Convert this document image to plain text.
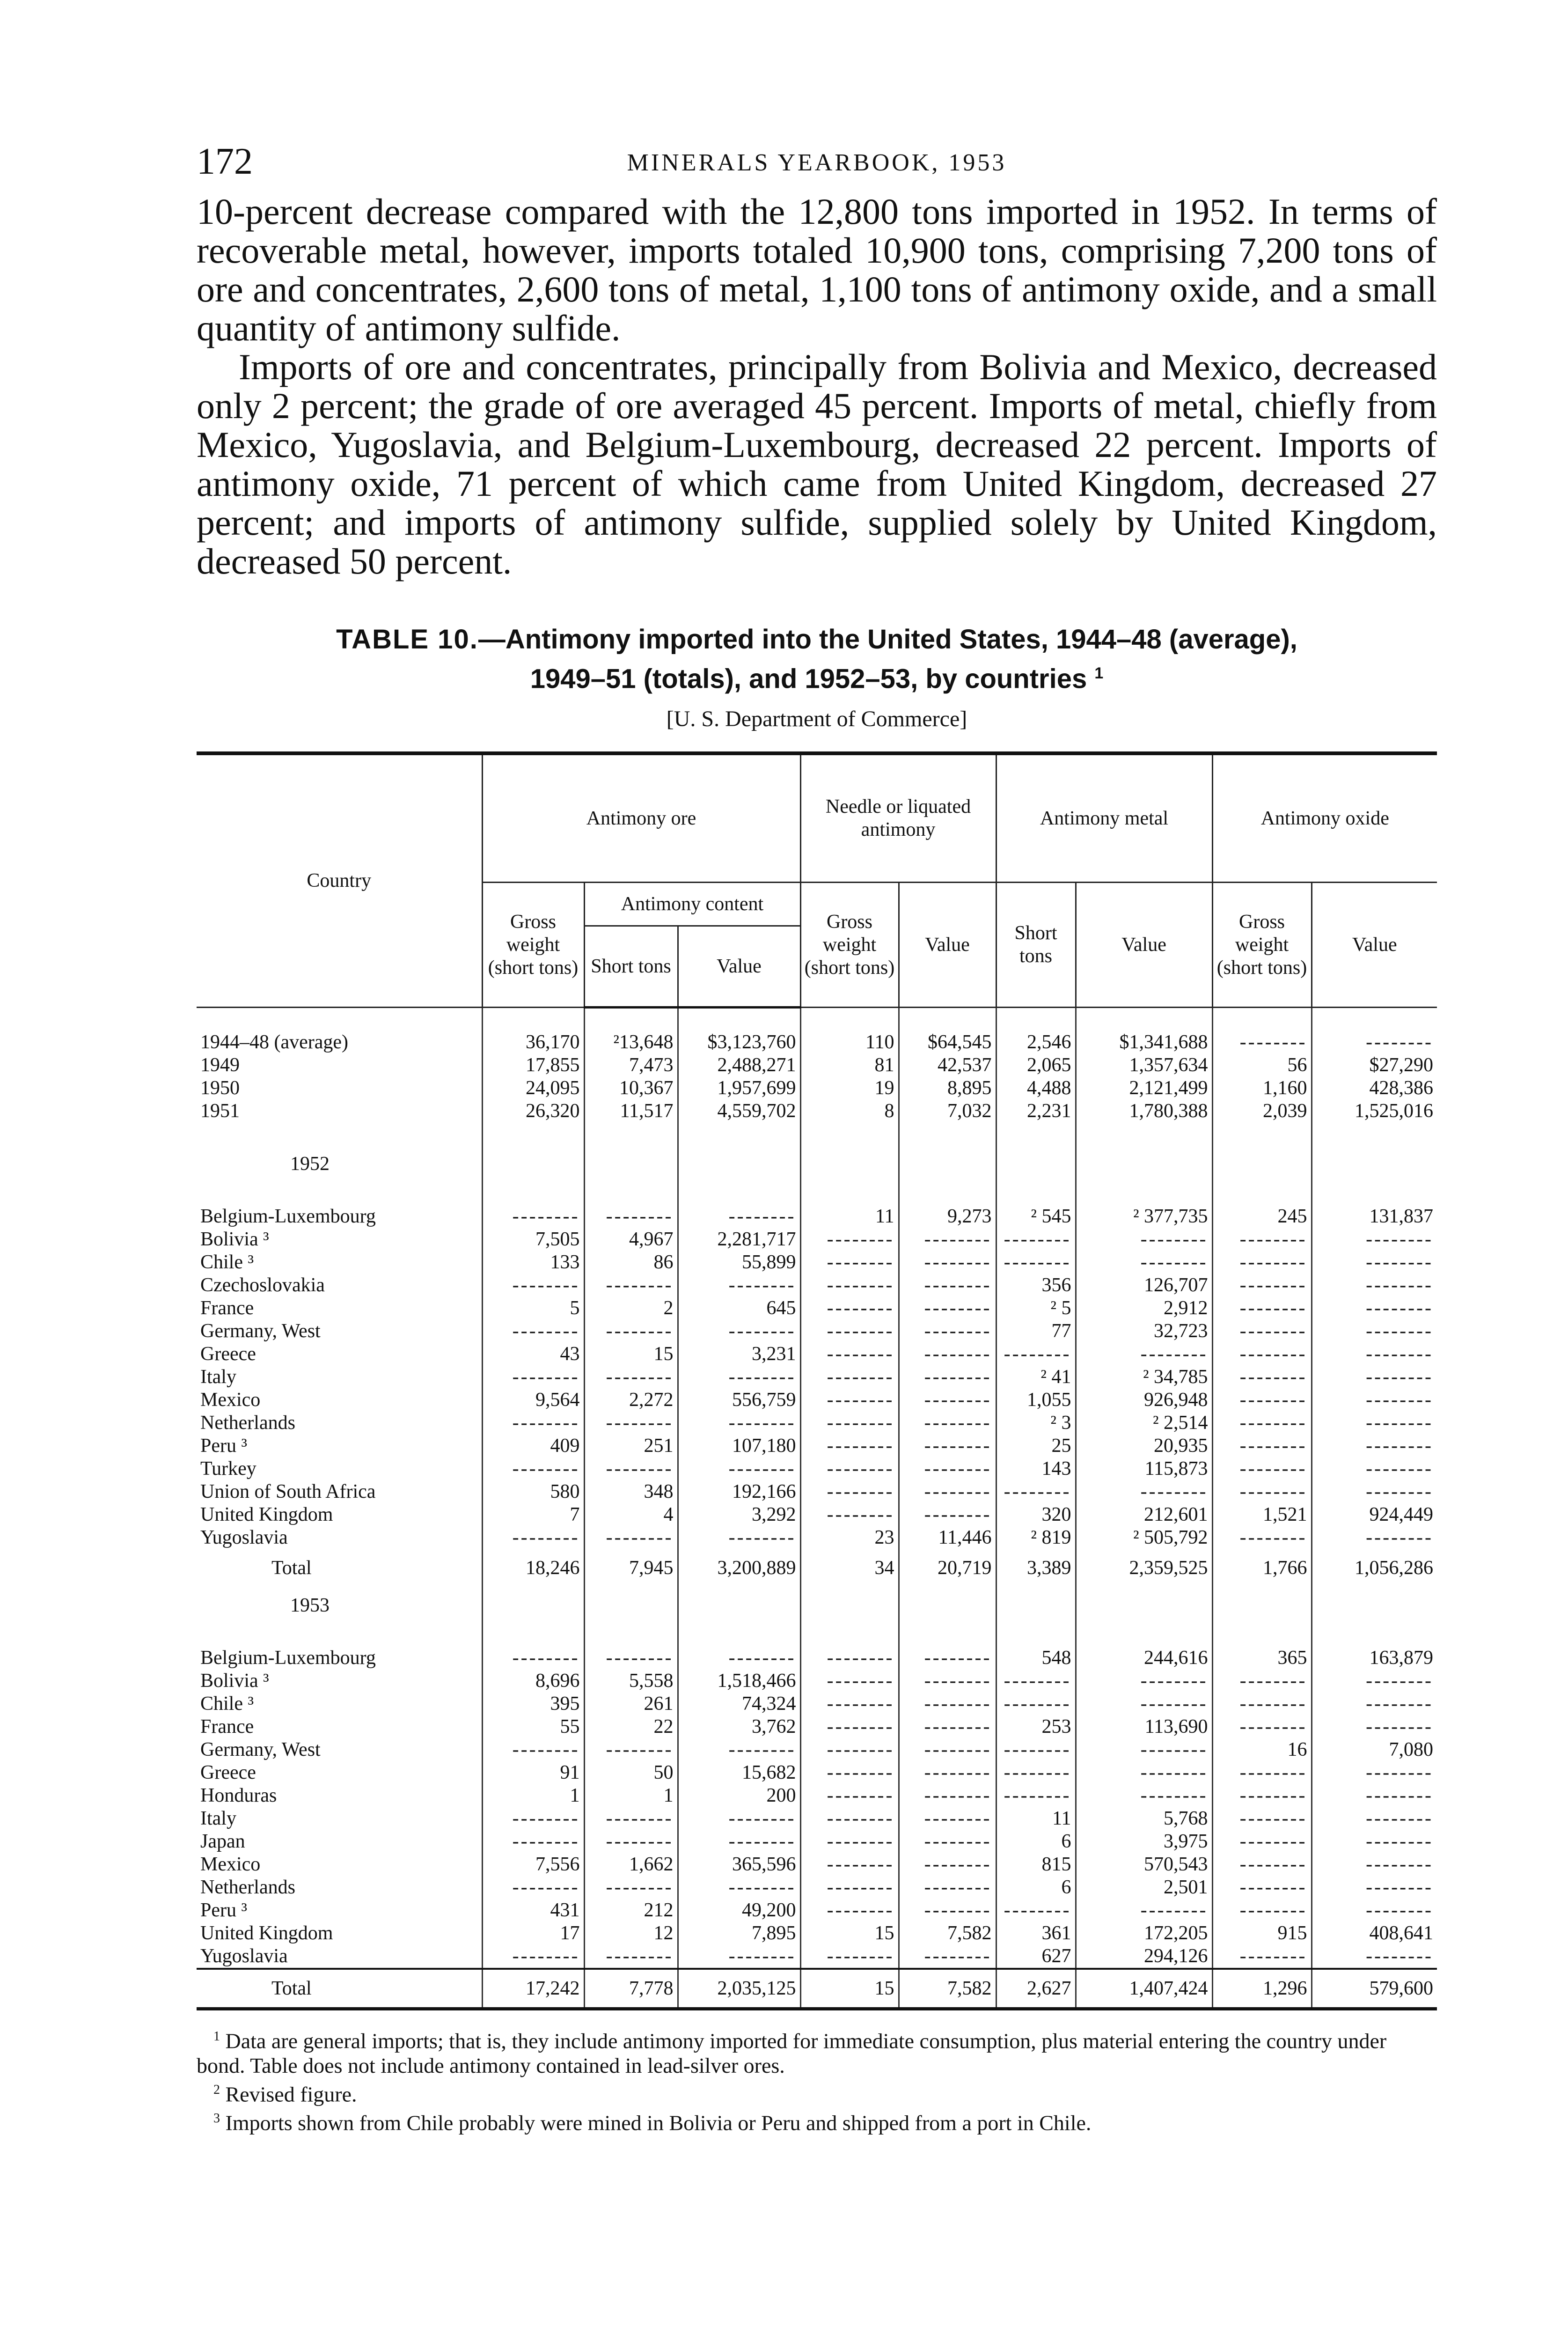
172	MINERALS YEARBOOK, 1953

10-percent decrease compared with the 12,800 tons imported in 1952. In terms of recoverable metal, however, imports totaled 10,900 tons, comprising 7,200 tons of ore and concentrates, 2,600 tons of metal, 1,100 tons of antimony oxide, and a small quantity of antimony sulfide.

Imports of ore and concentrates, principally from Bolivia and Mexico, decreased only 2 percent; the grade of ore averaged 45 percent. Imports of metal, chiefly from Mexico, Yugoslavia, and Belgium-Luxembourg, decreased 22 percent. Imports of antimony oxide, 71 percent of which came from United Kingdom, decreased 27 percent; and imports of antimony sulfide, supplied solely by United Kingdom, decreased 50 percent.

TABLE 10.—Antimony imported into the United States, 1944–48 (average),
1949–51 (totals), and 1952–53, by countries $^1$
[U. S. Department of Commerce]
Country	Antimony ore			Needle or liquated antimony		Antimony metal		Antimony oxide	
	Gross weight (short tons)	Antimony content		Gross weight (short tons)	Value	Short tons	Value	Gross weight (short tons)	Value
		Short tons	Value						

1944–48 (average)	36,170	²13,648	$3,123,760	110	$64,545	2,546	$1,341,688	--------	--------
1949	17,855	7,473	2,488,271	81	42,537	2,065	1,357,634	56	$27,290
1950	24,095	10,367	1,957,699	19	8,895	4,488	2,121,499	1,160	428,386
1951	26,320	11,517	4,559,702	8	7,032	2,231	1,780,388	2,039	1,525,016

1952									

Belgium-Luxembourg	--------	--------	--------	11	9,273	² 545	² 377,735	245	131,837
Bolivia ³	7,505	4,967	2,281,717	--------	--------	--------	--------	--------	--------
Chile ³	133	86	55,899	--------	--------	--------	--------	--------	--------
Czechoslovakia	--------	--------	--------	--------	--------	356	126,707	--------	--------
France	5	2	645	--------	--------	² 5	2,912	--------	--------
Germany, West	--------	--------	--------	--------	--------	77	32,723	--------	--------
Greece	43	15	3,231	--------	--------	--------	--------	--------	--------
Italy	--------	--------	--------	--------	--------	² 41	² 34,785	--------	--------
Mexico	9,564	2,272	556,759	--------	--------	1,055	926,948	--------	--------
Netherlands	--------	--------	--------	--------	--------	² 3	² 2,514	--------	--------
Peru ³	409	251	107,180	--------	--------	25	20,935	--------	--------
Turkey	--------	--------	--------	--------	--------	143	115,873	--------	--------
Union of South Africa	580	348	192,166	--------	--------	--------	--------	--------	--------
United Kingdom	7	4	3,292	--------	--------	320	212,601	1,521	924,449
Yugoslavia	--------	--------	--------	23	11,446	² 819	² 505,792	--------	--------
Total	18,246	7,945	3,200,889	34	20,719	3,389	2,359,525	1,766	1,056,286
1953									

Belgium-Luxembourg	--------	--------	--------	--------	--------	548	244,616	365	163,879
Bolivia ³	8,696	5,558	1,518,466	--------	--------	--------	--------	--------	--------
Chile ³	395	261	74,324	--------	--------	--------	--------	--------	--------
France	55	22	3,762	--------	--------	253	113,690	--------	--------
Germany, West	--------	--------	--------	--------	--------	--------	--------	16	7,080
Greece	91	50	15,682	--------	--------	--------	--------	--------	--------
Honduras	1	1	200	--------	--------	--------	--------	--------	--------
Italy	--------	--------	--------	--------	--------	11	5,768	--------	--------
Japan	--------	--------	--------	--------	--------	6	3,975	--------	--------
Mexico	7,556	1,662	365,596	--------	--------	815	570,543	--------	--------
Netherlands	--------	--------	--------	--------	--------	6	2,501	--------	--------
Peru ³	431	212	49,200	--------	--------	--------	--------	--------	--------
United Kingdom	17	12	7,895	15	7,582	361	172,205	915	408,641
Yugoslavia	--------	--------	--------	--------	--------	627	294,126	--------	--------
Total	17,242	7,778	2,035,125	15	7,582	2,627	1,407,424	1,296	579,600

$^1$ Data are general imports; that is, they include antimony imported for immediate consumption, plus material entering the country under bond. Table does not include antimony contained in lead-silver ores.

$^2$ Revised figure.

$^3$ Imports shown from Chile probably were mined in Bolivia or Peru and shipped from a port in Chile.
